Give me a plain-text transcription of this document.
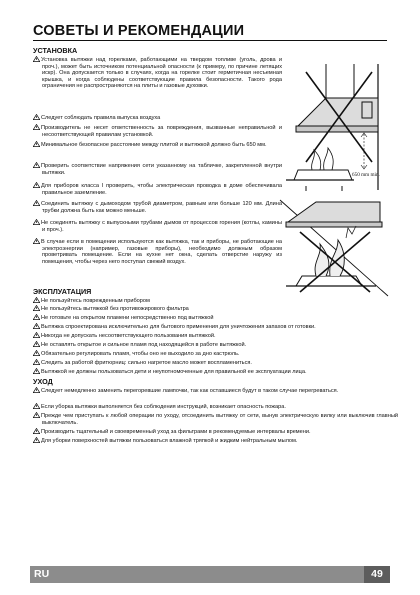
СОВЕТЫ И РЕКОМЕНДАЦИИ
УСТАНОВКА
Установка вытяжки над горелками, работающими на твердом топливе (уголь, дрова и проч.), может быть источником потенциальной опасности (к примеру, по причине летящих искр). Она допускается только в случаях, когда на горелке стоит герметичная несъемная крышка, и когда соблюдены соответствующие правила безопасности. Такого рода ограничения не распространяются на плиты и газовые духовки.
Следует соблюдать правила выпуска воздуха
Производитель не несет ответственность за повреждения, вызванные неправильной и несоответствующей правилам установкой.
Минимальное безопасное расстояние между плитой и вытяжкой должно быть 650 мм.
Проверить соответствие напряжения сети указанному на табличке, закрепленной внутри вытяжки.
Для приборов класса I проверить, чтобы электрическая проводка в доме обеспечивала правильное заземление.
Соединить вытяжку с дымоходом трубой диаметром, равным или больше 120 мм. Длина трубки должна быть как можно меньше.
Не соединять вытяжку с выпускными трубами дымов от процессов горения (котлы, камины и проч.).
В случае если в помещении используются как вытяжка, так и приборы, не работающие на электроэнергии (например, газовые приборы), необходимо должным образом проветривать помещение. Если на кухне нет окна, сделать отверстие наружу из помещения, чтобы через него поступал свежий воздух.
650 mm min.
ЭКСПЛУАТАЦИЯ
Не пользуйтесь поврежденным прибором
Не пользуйтесь вытяжкой без противожирового фильтра
Не готовьте на открытом пламени непосредственно под вытяжкой
Вытяжка спроектирована исключительно для бытового применения для уничтожения запахов от готовки.
Никогда не допускать несоответствующего пользования вытяжкой.
Не оставлять открытое и сильное пламя под находящейся в работе вытяжкой.
Обязательно регулировать пламя, чтобы оно не выходило за дно кастрюль.
Следить за работой фритюрниц: сильно нагретое масло может воспламениться.
Вытяжкой не должны пользоваться дети и неупотномоченные для правильной ее эксплуатации лица.
УХОД
Следует немедленно заменить перегоревшие лампочки, так как оставшиеся будут в таком случае перегреваться.
Если уборка вытяжки выполняется без соблюдения инструкций, возникает опасность пожара.
Прежде чем приступать к любой операции по уходу, отсоединить вытяжку от сети, вынув электрическую вилку или выключив главный выключатель.
Производить тщательный и своевременный уход за фильтрами в рекомендуемые интервалы времени.
Для уборки поверхностей вытяжки пользоваться влажной тряпкой и жидким нейтральным мылом.
RU	49
